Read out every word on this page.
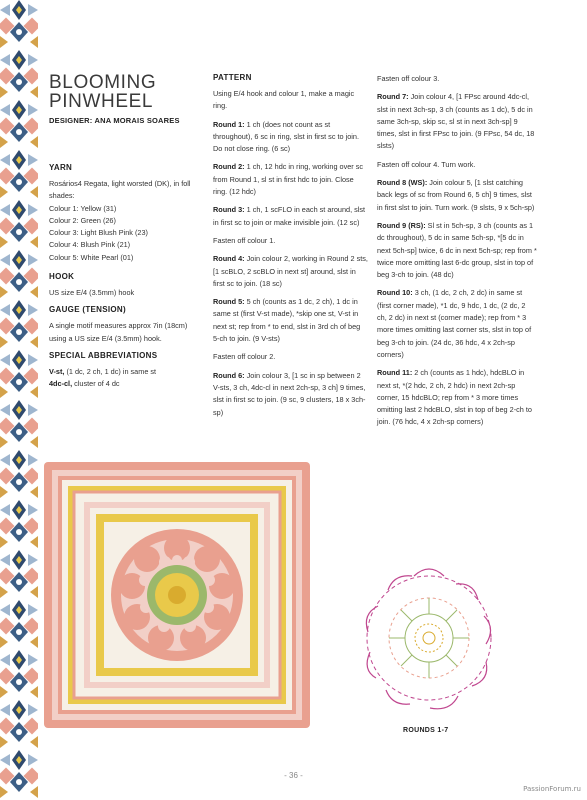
BLOOMING
PINWHEEL
DESIGNER: ANA MORAIS SOARES

YARN

Rosários4 Regata, light worsted (DK), in foll shades:

Colour 1: Yellow (31)

Colour 2: Green (26)

Colour 3: Light Blush Pink (23)

Colour 4: Blush Pink (21)

Colour 5: White Pearl (01)

HOOK

US size E/4 (3.5mm) hook

GAUGE (TENSION)

A single motif measures approx 7in (18cm) using a US size E/4 (3.5mm) hook.

SPECIAL ABBREVIATIONS

V-st, (1 dc, 2 ch, 1 dc) in same st

4dc-cl, cluster of 4 dc

PATTERN

Using E/4 hook and colour 1, make a magic ring.

Round 1: 1 ch (does not count as st throughout), 6 sc in ring, slst in first sc to join. Do not close ring. (6 sc)

Round 2: 1 ch, 12 hdc in ring, working over sc from Round 1, sl st in first hdc to join. Close ring. (12 hdc)

Round 3: 1 ch, 1 scFLO in each st around, slst in first sc to join or make invisible join. (12 sc)

Fasten off colour 1.

Round 4: Join colour 2, working in Round 2 sts, [1 scBLO, 2 scBLO in next st] around, slst in first sc to join. (18 sc)

Round 5: 5 ch (counts as 1 dc, 2 ch), 1 dc in same st (first V-st made), *skip one st, V-st in next st; rep from * to end, slst in 3rd ch of beg 5-ch to join. (9 V-sts)

Fasten off colour 2.

Round 6: Join colour 3, [1 sc in sp between 2 V-sts, 3 ch, 4dc-cl in next 2ch-sp, 3 ch] 9 times, slst in first sc to join. (9 sc, 9 clusters, 18 x 3ch-sp)

Fasten off colour 3.

Round 7: Join colour 4, [1 FPsc around 4dc-cl, slst in next 3ch-sp, 3 ch (counts as 1 dc), 5 dc in same 3ch-sp, skip sc, sl st in next 3ch-sp] 9 times, slst in first FPsc to join. (9 FPsc, 54 dc, 18 slsts)

Fasten off colour 4. Turn work.

Round 8 (WS): Join colour 5, [1 slst catching back legs of sc from Round 6, 5 ch] 9 times, slst in first slst to join. Turn work. (9 slsts, 9 x 5ch-sp)

Round 9 (RS): Sl st in 5ch-sp, 3 ch (counts as 1 dc throughout), 5 dc in same 5ch-sp, *[5 dc in next 5ch-sp] twice, 6 dc in next 5ch-sp; rep from * twice more omitting last 6-dc group, slst in top of beg 3-ch to join. (48 dc)

Round 10: 3 ch, (1 dc, 2 ch, 2 dc) in same st (first corner made), *1 dc, 9 hdc, 1 dc, (2 dc, 2 ch, 2 dc) in next st (corner made); rep from * 3 more times omitting last corner sts, slst in top of beg 3-ch to join. (24 dc, 36 hdc, 4 x 2ch-sp corners)

Round 11: 2 ch (counts as 1 hdc), hdcBLO in next st, *(2 hdc, 2 ch, 2 hdc) in next 2ch-sp corner, 15 hdcBLO; rep from * 3 more times omitting last 2 hdcBLO, slst in top of beg 2-ch to join. (76 hdc, 4 x 2ch-sp corners)

ROUNDS 1-7
- 36 -
PassionForum.ru
